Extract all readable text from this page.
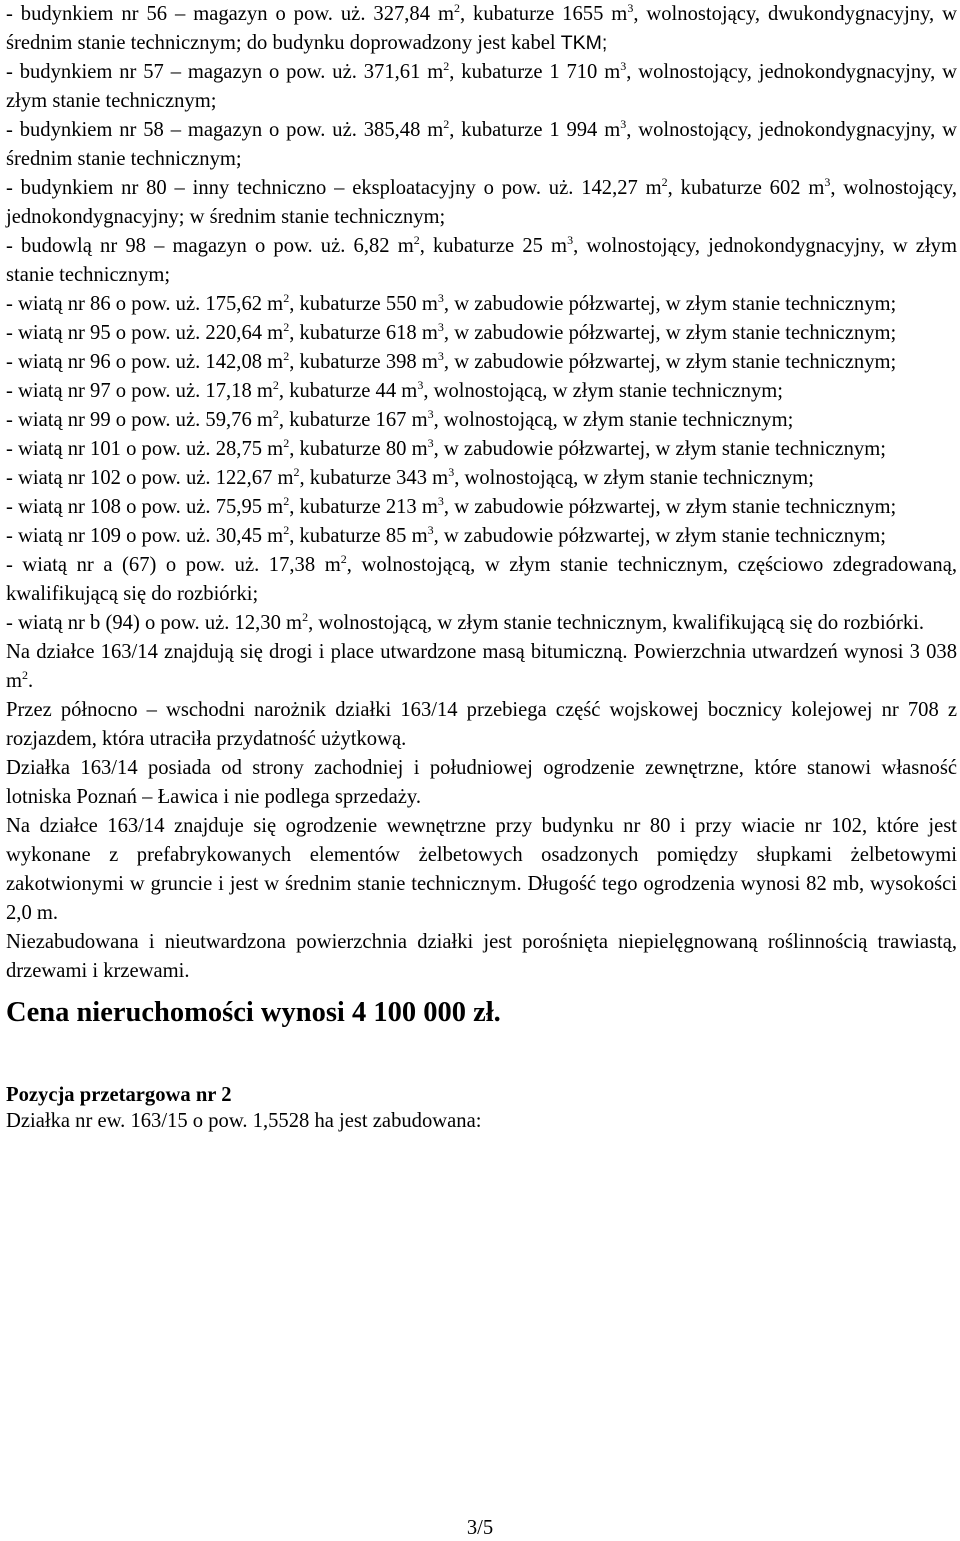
- budynkiem nr 56 – magazyn o pow. uż. 327,84 $m^2$, kubaturze 1655 $m^3$, wolnostojący, dwukondygnacyjny, w średnim stanie technicznym; do budynku doprowadzony jest kabel TKM;

- budynkiem nr 57 – magazyn o pow. uż. 371,61 $m^2$, kubaturze 1 710 $m^3$, wolnostojący, jednokondygnacyjny, w złym stanie technicznym;

- budynkiem nr 58 – magazyn o pow. uż. 385,48 $m^2$, kubaturze 1 994 $m^3$, wolnostojący, jednokondygnacyjny, w średnim stanie technicznym;

- budynkiem nr 80 – inny techniczno – eksploatacyjny o pow. uż. 142,27 $m^2$, kubaturze 602 $m^3$, wolnostojący, jednokondygnacyjny; w średnim stanie technicznym;

- budowlą nr 98 – magazyn o pow. uż. 6,82 $m^2$, kubaturze 25 $m^3$, wolnostojący, jednokondygnacyjny, w złym stanie technicznym;

- wiatą nr 86 o pow. uż. 175,62 $m^2$, kubaturze 550 $m^3$, w zabudowie półzwartej, w złym stanie technicznym;

- wiatą nr 95 o pow. uż. 220,64 $m^2$, kubaturze 618 $m^3$, w zabudowie półzwartej, w złym stanie technicznym;

- wiatą nr 96 o pow. uż. 142,08 $m^2$, kubaturze 398 $m^3$, w zabudowie półzwartej, w złym stanie technicznym;

- wiatą nr 97 o pow. uż. 17,18 $m^2$, kubaturze 44 $m^3$, wolnostojącą, w złym stanie technicznym;

- wiatą nr 99 o pow. uż. 59,76 $m^2$, kubaturze 167 $m^3$, wolnostojącą, w złym stanie technicznym;

- wiatą nr 101 o pow. uż. 28,75 $m^2$, kubaturze 80 $m^3$, w zabudowie półzwartej, w złym stanie technicznym;

- wiatą nr 102 o pow. uż. 122,67 $m^2$, kubaturze 343 $m^3$, wolnostojącą, w złym stanie technicznym;

- wiatą nr 108 o pow. uż. 75,95 $m^2$, kubaturze 213 $m^3$, w zabudowie półzwartej, w złym stanie technicznym;

- wiatą nr 109 o pow. uż. 30,45 $m^2$, kubaturze 85 $m^3$, w zabudowie półzwartej, w złym stanie technicznym;

- wiatą nr a (67) o pow. uż. 17,38 $m^2$, wolnostojącą, w złym stanie technicznym, częściowo zdegradowaną, kwalifikującą się do rozbiórki;

- wiatą nr b (94) o pow. uż. 12,30 $m^2$, wolnostojącą, w złym stanie technicznym, kwalifikującą się do rozbiórki.

Na działce 163/14 znajdują się drogi i place utwardzone masą bitumiczną. Powierzchnia utwardzeń wynosi 3 038 $m^2$.

Przez północno – wschodni narożnik działki 163/14 przebiega część wojskowej bocznicy kolejowej nr 708 z rozjazdem, która utraciła przydatność użytkową.

Działka 163/14 posiada od strony zachodniej i południowej ogrodzenie zewnętrzne, które stanowi własność lotniska Poznań – Ławica i nie podlega sprzedaży.

Na działce 163/14 znajduje się ogrodzenie wewnętrzne przy budynku nr 80 i przy wiacie nr 102, które jest wykonane z prefabrykowanych elementów żelbetowych osadzonych pomiędzy słupkami żelbetowymi zakotwionymi w gruncie i jest w średnim stanie technicznym. Długość tego ogrodzenia wynosi 82 mb, wysokości 2,0 m.

Niezabudowana i nieutwardzona powierzchnia działki jest porośnięta niepielęgnowaną roślinnością trawiastą, drzewami i krzewami.

Cena nieruchomości wynosi 4 100 000 zł.

Pozycja przetargowa nr 2

Działka nr ew. 163/15 o pow. 1,5528 ha jest zabudowana:

3/5
